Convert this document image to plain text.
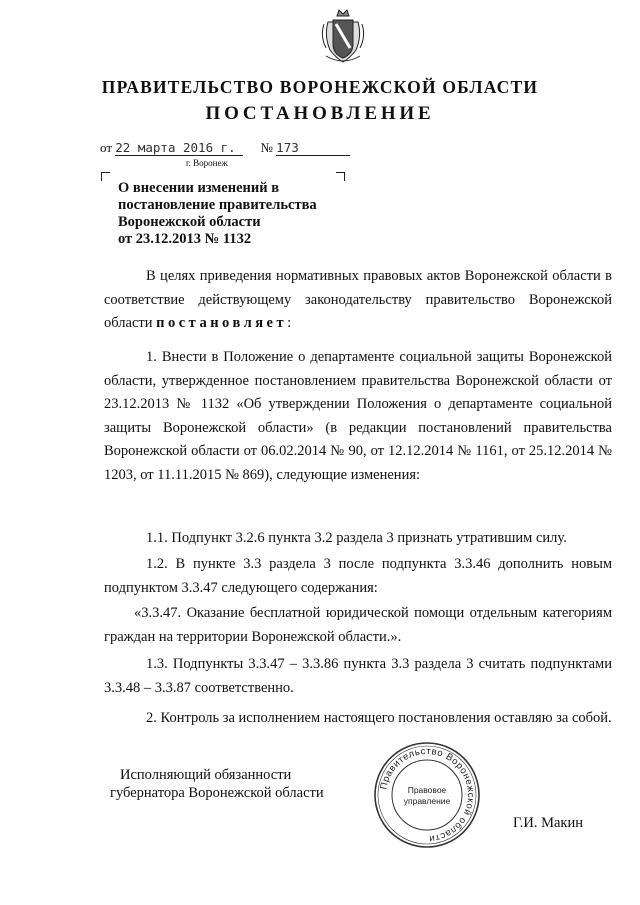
ПРАВИТЕЛЬСТВО ВОРОНЕЖСКОЙ ОБЛАСТИ
ПОСТАНОВЛЕНИЕ
от 22 марта 2016 г. № 173
г. Воронеж
О внесении изменений в
постановление правительства
Воронежской области
от 23.12.2013 № 1132

В целях приведения нормативных правовых актов Воронежской области в соответствие действующему законодательству правительство Воронежской области постановляет:

1. Внести в Положение о департаменте социальной защиты Воронежской области, утвержденное постановлением правительства Воронежской области от 23.12.2013 № 1132 «Об утверждении Положения о департаменте социальной защиты Воронежской области» (в редакции постановлений правительства Воронежской области от 06.02.2014 № 90, от 12.12.2014 № 1161, от 25.12.2014 № 1203, от 11.11.2015 № 869), следующие изменения:

1.1. Подпункт 3.2.6 пункта 3.2 раздела 3 признать утратившим силу.

1.2. В пункте 3.3 раздела 3 после подпункта 3.3.46 дополнить новым подпунктом 3.3.47 следующего содержания:

«3.3.47. Оказание бесплатной юридической помощи отдельным категориям граждан на территории Воронежской области.».

1.3. Подпункты 3.3.47 – 3.3.86 пункта 3.3 раздела 3 считать подпунктами 3.3.48 – 3.3.87 соответственно.

2. Контроль за исполнением настоящего постановления оставляю за собой.

Исполняющий обязанности
губернатора Воронежской области	Правительство Воронежской области
Правовое
управление
Г.И. Макин
